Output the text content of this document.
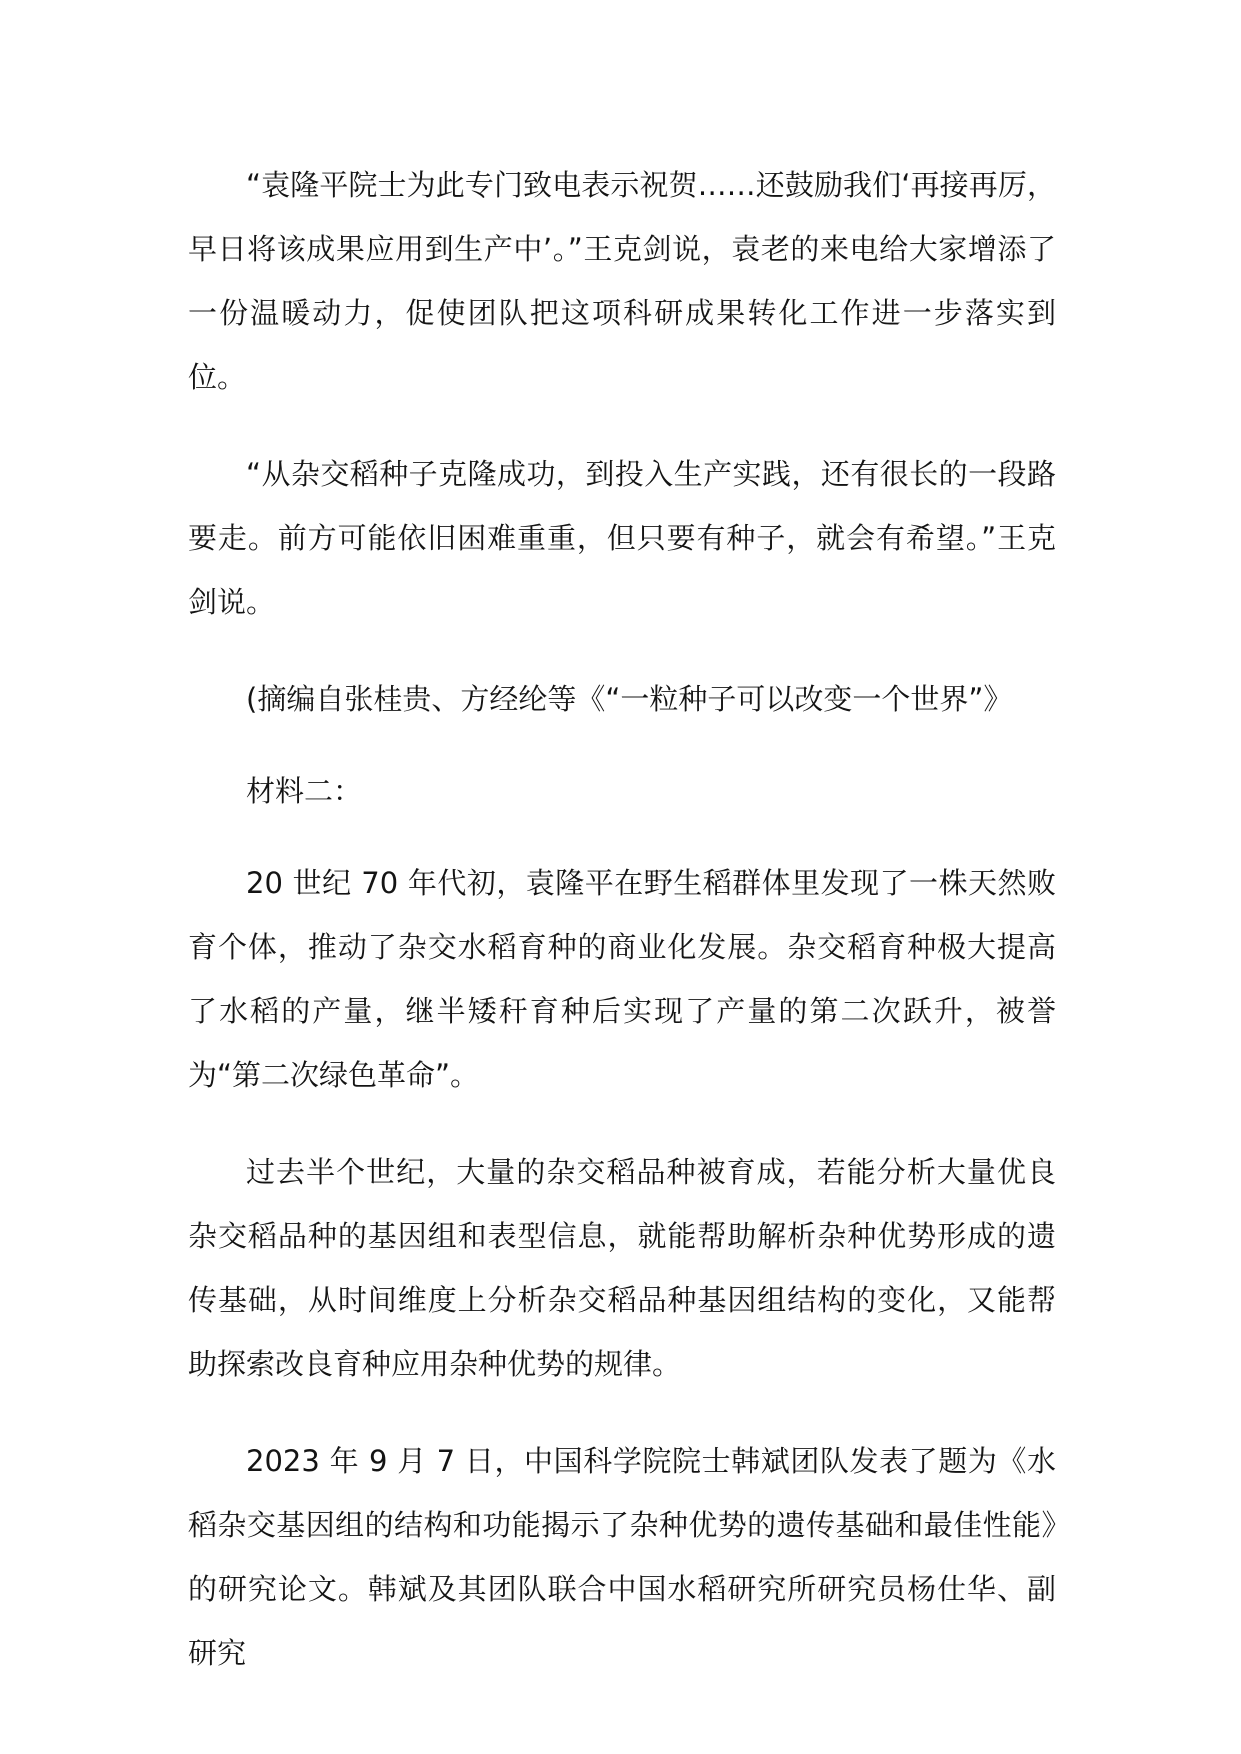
“袁隆平院士为此专门致电表示祝贺……还鼓励我们‘再接再厉，早日将该成果应用到生产中’。”王克剑说，袁老的来电给大家增添了一份温暖动力，促使团队把这项科研成果转化工作进一步落实到位。

“从杂交稻种子克隆成功，到投入生产实践，还有很长的一段路要走。前方可能依旧困难重重，但只要有种子，就会有希望。”王克剑说。

(摘编自张桂贵、方经纶等《“一粒种子可以改变一个世界”》

材料二：

20 世纪 70 年代初，袁隆平在野生稻群体里发现了一株天然败育个体，推动了杂交水稻育种的商业化发展。杂交稻育种极大提高了水稻的产量，继半矮秆育种后实现了产量的第二次跃升，被誉为“第二次绿色革命”。

过去半个世纪，大量的杂交稻品种被育成，若能分析大量优良杂交稻品种的基因组和表型信息，就能帮助解析杂种优势形成的遗传基础，从时间维度上分析杂交稻品种基因组结构的变化，又能帮助探索改良育种应用杂种优势的规律。

2023 年 9 月 7 日，中国科学院院士韩斌团队发表了题为《水稻杂交基因组的结构和功能揭示了杂种优势的遗传基础和最佳性能》的研究论文。韩斌及其团队联合中国水稻研究所研究员杨仕华、副研究
